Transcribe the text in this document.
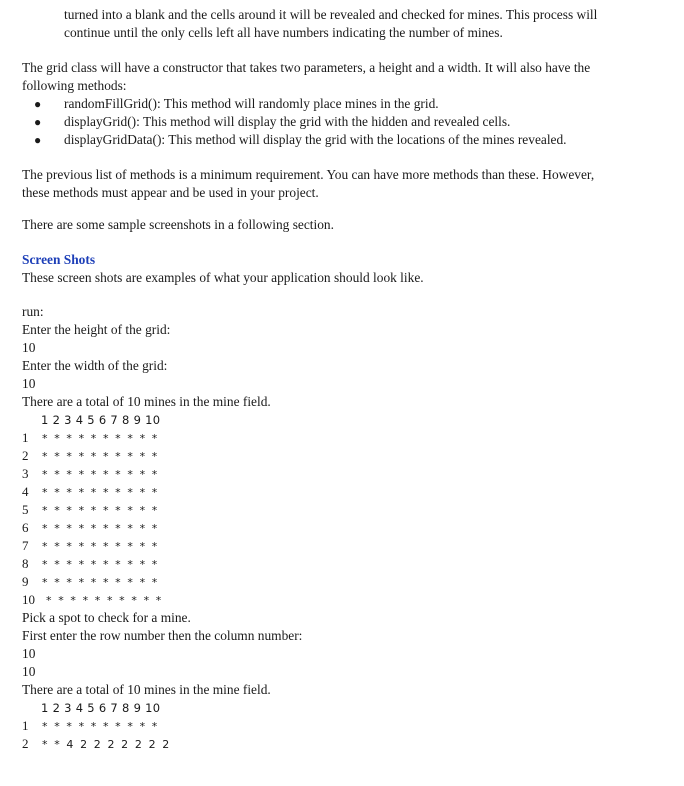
turned into a blank and the cells around it will be revealed and checked for mines. This process will

continue until the only cells left all have numbers indicating the number of mines.

The grid class will have a constructor that takes two parameters, a height and a width. It will also have the

following methods:

● randomFillGrid(): This method will randomly place mines in the grid.
● displayGrid(): This method will display the grid with the hidden and revealed cells.
● displayGridData(): This method will display the grid with the locations of the mines revealed.

The previous list of methods is a minimum requirement. You can have more methods than these. However,

these methods must appear and be used in your project.

There are some sample screenshots in a following section.

Screen Shots

These screen shots are examples of what your application should look like.

run:
Enter the height of the grid:
10
Enter the width of the grid:
10
There are a total of 10 mines in the mine field.
1 2 3 4 5 6 7 8 9 10
1 * * * * * * * * * *
2 * * * * * * * * * *
3 * * * * * * * * * *
4 * * * * * * * * * *
5 * * * * * * * * * *
6 * * * * * * * * * *
7 * * * * * * * * * *
8 * * * * * * * * * *
9 * * * * * * * * * *
10 * * * * * * * * * *
Pick a spot to check for a mine.
First enter the row number then the column number:
10
10
There are a total of 10 mines in the mine field.
1 2 3 4 5 6 7 8 9 10
1 * * * * * * * * * *
2 * * 4 2 2 2 2 2 2 2
